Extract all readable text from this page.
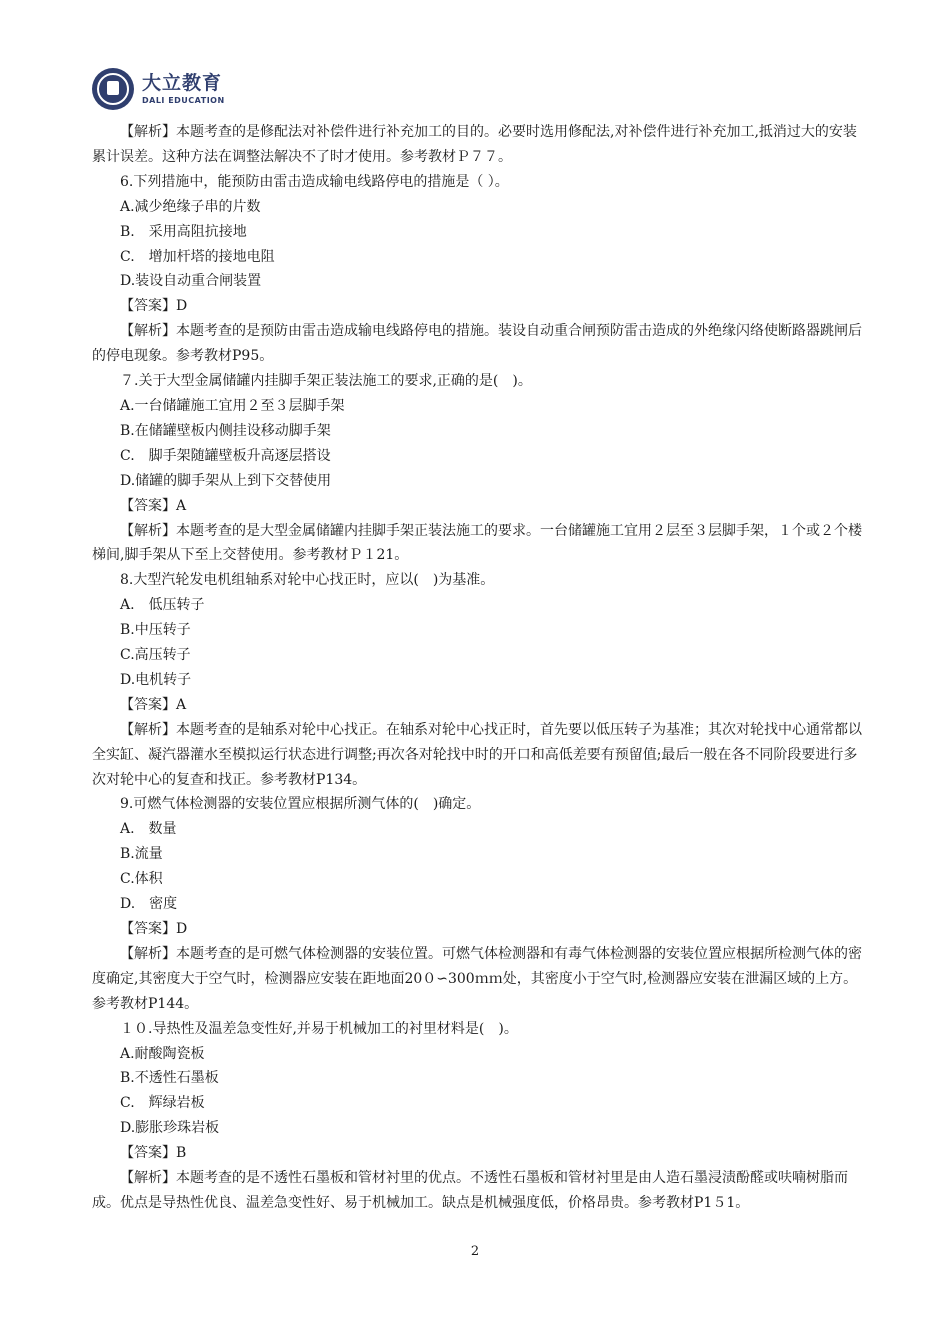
大立教育
DALI EDUCATION

【解析】本题考查的是修配法对补偿件进行补充加工的目的。必要时选用修配法,对补偿件进行补充加工,抵消过大的安装累计误差。这种方法在调整法解决不了时才使用。参考教材Ｐ７７。

6.下列措施中，能预防由雷击造成输电线路停电的措施是（ ）。

A.减少绝缘子串的片数

B.　采用高阻抗接地

C.　增加杆塔的接地电阻

D.装设自动重合闸装置

【答案】D

【解析】本题考查的是预防由雷击造成输电线路停电的措施。装设自动重合闸预防雷击造成的外绝缘闪络使断路器跳闸后的停电现象。参考教材P95。

７.关于大型金属储罐内挂脚手架正装法施工的要求,正确的是(　)。

A.一台储罐施工宜用２至３层脚手架

B.在储罐壁板内侧挂设移动脚手架

C.　脚手架随罐壁板升高逐层搭设

D.储罐的脚手架从上到下交替使用

【答案】A

【解析】本题考查的是大型金属储罐内挂脚手架正装法施工的要求。一台储罐施工宜用２层至３层脚手架，１个或２个楼梯间,脚手架从下至上交替使用。参考教材Ｐ１21。

8.大型汽轮发电机组轴系对轮中心找正时，应以(　)为基准。

A.　低压转子

B.中压转子

C.高压转子

D.电机转子

【答案】A

【解析】本题考查的是轴系对轮中心找正。在轴系对轮中心找正时，首先要以低压转子为基准；其次对轮找中心通常都以全实缸、凝汽器灌水至模拟运行状态进行调整;再次各对轮找中时的开口和高低差要有预留值;最后一般在各不同阶段要进行多次对轮中心的复查和找正。参考教材P134。

9.可燃气体检测器的安装位置应根据所测气体的(　)确定。

A.　数量

B.流量

C.体积

D.　密度

【答案】D

【解析】本题考查的是可燃气体检测器的安装位置。可燃气体检测器和有毒气体检测器的安装位置应根据所检测气体的密度确定,其密度大于空气时，检测器应安装在距地面20０∽300ｍｍ处，其密度小于空气时,检测器应安装在泄漏区域的上方。参考教材P144。

１０.导热性及温差急变性好,并易于机械加工的衬里材料是(　)。

A.耐酸陶瓷板

B.不透性石墨板

C.　辉绿岩板

D.膨胀珍珠岩板

【答案】B

【解析】本题考查的是不透性石墨板和管材衬里的优点。不透性石墨板和管材衬里是由人造石墨浸渍酚醛或呋喃树脂而成。优点是导热性优良、温差急变性好、易于机械加工。缺点是机械强度低，价格昂贵。参考教材P1５1。

2
